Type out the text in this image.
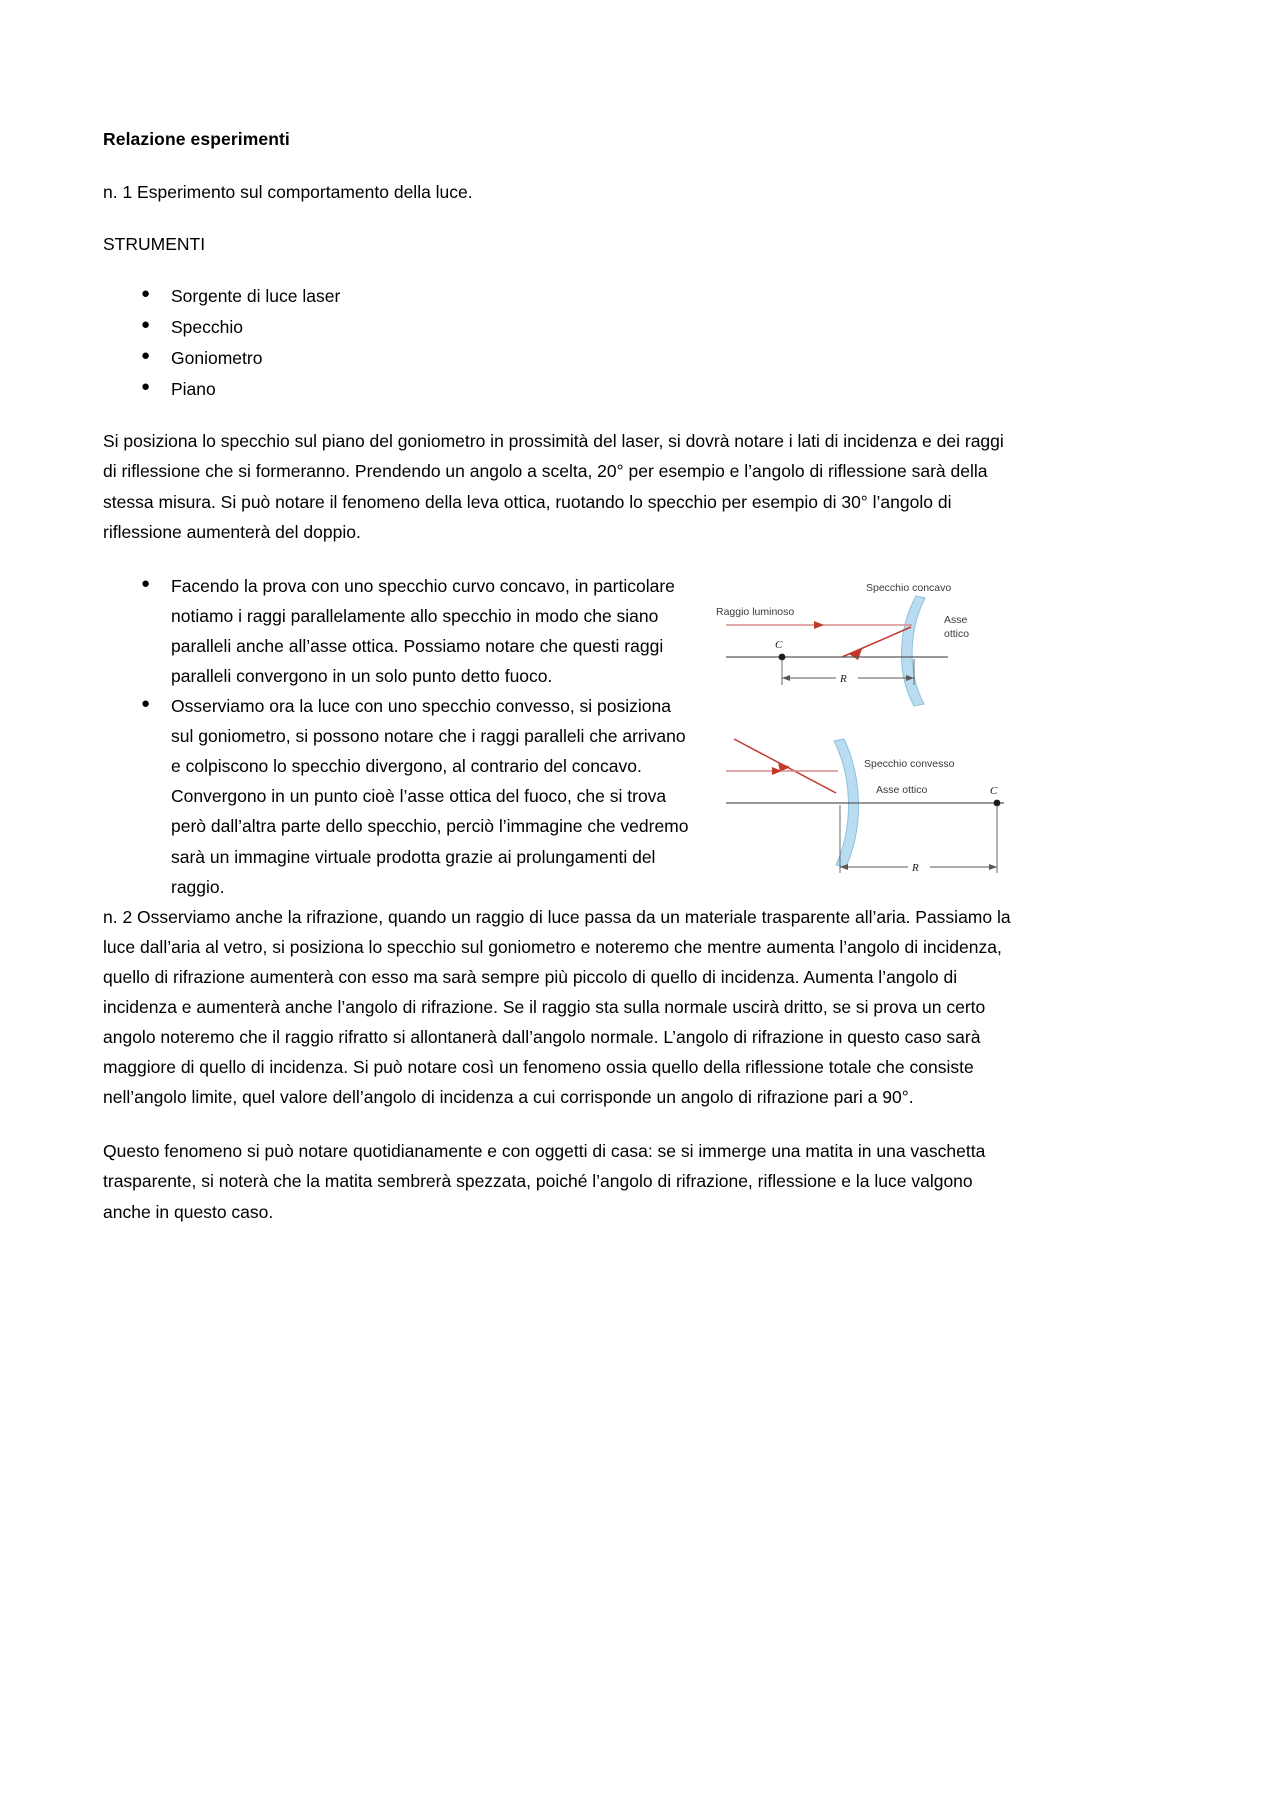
Relazione esperimenti

n. 1 Esperimento sul comportamento della luce.

STRUMENTI

● Sorgente di luce laser
● Specchio
● Goniometro
● Piano

Si posiziona lo specchio sul piano del goniometro in prossimità del laser, si dovrà notare i lati di incidenza e dei raggi di riflessione che si formeranno. Prendendo un angolo a scelta, 20° per esempio e l’angolo di riflessione sarà della stessa misura. Si può notare il fenomeno della leva ottica, ruotando lo specchio per esempio di 30° l’angolo di riflessione aumenterà del doppio.

C
R
Raggio luminoso
Specchio concavo
Asse
ottico
C
R
Specchio convesso
Asse ottico
● Facendo la prova con uno specchio curvo concavo, in particolare notiamo i raggi parallelamente allo specchio in modo che siano paralleli anche all’asse ottica. Possiamo notare che questi raggi paralleli convergono in un solo punto detto fuoco.
● Osserviamo ora la luce con uno specchio convesso, si posiziona sul goniometro, si possono notare che i raggi paralleli che arrivano e colpiscono lo specchio divergono, al contrario del concavo. Convergono in un punto cioè l’asse ottica del fuoco, che si trova però dall’altra parte dello specchio, perciò l’immagine che vedremo sarà un immagine virtuale prodotta grazie ai prolungamenti del raggio.

n. 2 Osserviamo anche la rifrazione, quando un raggio di luce passa da un materiale trasparente all’aria. Passiamo la luce dall’aria al vetro, si posiziona lo specchio sul goniometro e noteremo che mentre aumenta l’angolo di incidenza, quello di rifrazione aumenterà con esso ma sarà sempre più piccolo di quello di incidenza. Aumenta l’angolo di incidenza e aumenterà anche l’angolo di rifrazione. Se il raggio sta sulla normale uscirà dritto, se si prova un certo angolo noteremo che il raggio rifratto si allontanerà dall’angolo normale. L’angolo di rifrazione in questo caso sarà maggiore di quello di incidenza. Si può notare così un fenomeno ossia quello della riflessione totale che consiste nell’angolo limite, quel valore dell’angolo di incidenza a cui corrisponde un angolo di rifrazione pari a 90°.

Questo fenomeno si può notare quotidianamente e con oggetti di casa: se si immerge una matita in una vaschetta trasparente, si noterà che la matita sembrerà spezzata, poiché l’angolo di rifrazione, riflessione e la luce valgono anche in questo caso.
